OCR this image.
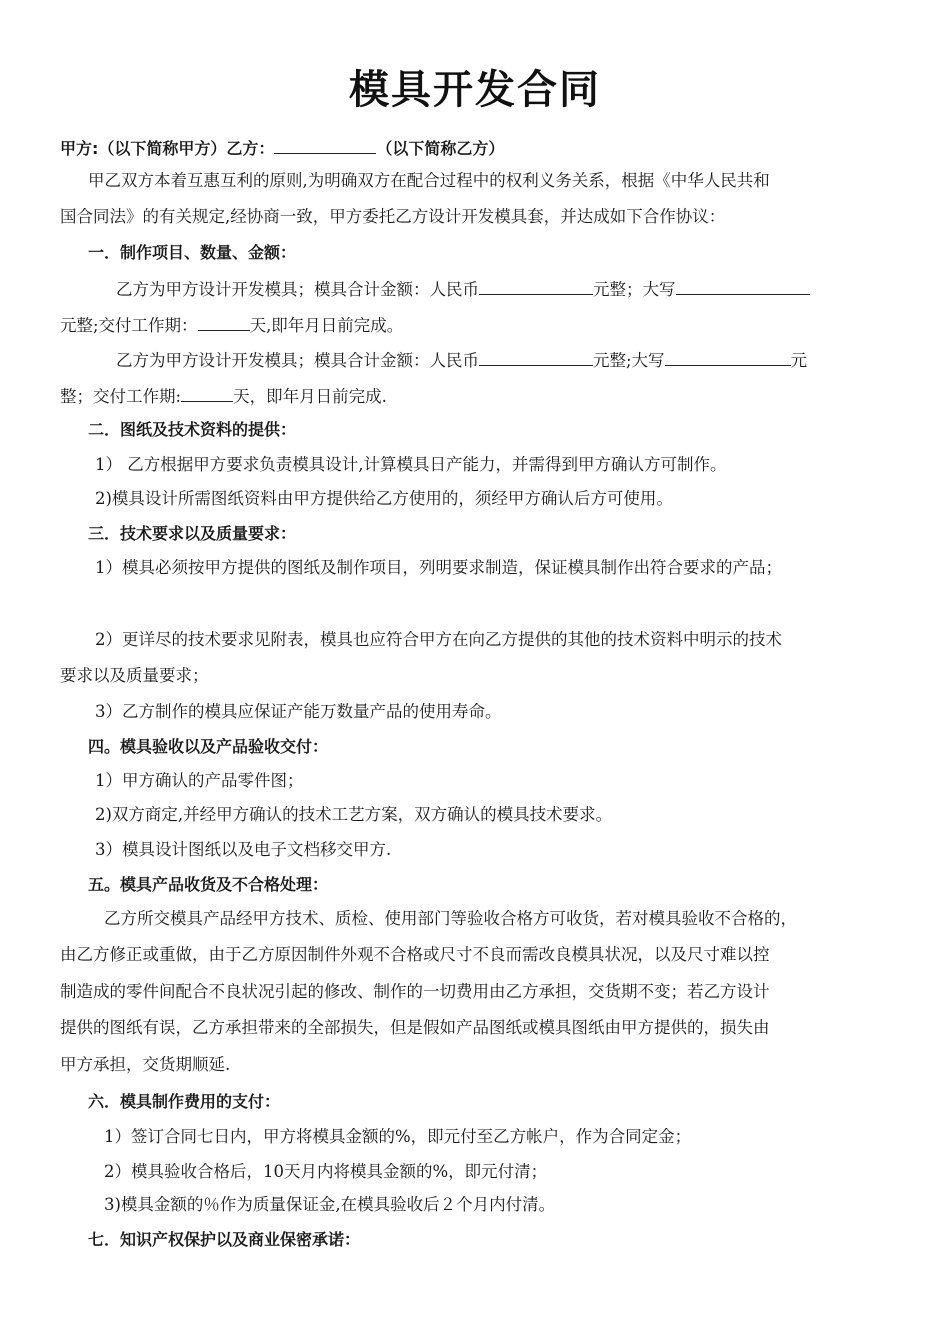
模具开发合同
甲方:（以下简称甲方）乙方：	（以下简称乙方）
甲乙双方本着互惠互利的原则,为明确双方在配合过程中的权利义务关系，根据《中华人民共和
国合同法》的有关规定,经协商一致，甲方委托乙方设计开发模具套，并达成如下合作协议：
一．制作项目、数量、金额：
乙方为甲方设计开发模具；模具合计金额：人民币	元整；大写
元整;交付工作期：	天,即年月日前完成。
乙方为甲方设计开发模具；模具合计金额：人民币	元整;大写	元
整；交付工作期:	天，即年月日前完成.
二．图纸及技术资料的提供：
1） 乙方根据甲方要求负责模具设计,计算模具日产能力，并需得到甲方确认方可制作。
2)模具设计所需图纸资料由甲方提供给乙方使用的，须经甲方确认后方可使用。
三．技术要求以及质量要求：
1）模具必须按甲方提供的图纸及制作项目，列明要求制造，保证模具制作出符合要求的产品；
2）更详尽的技术要求见附表，模具也应符合甲方在向乙方提供的其他的技术资料中明示的技术
要求以及质量要求；
3）乙方制作的模具应保证产能万数量产品的使用寿命。
四。模具验收以及产品验收交付：
1）甲方确认的产品零件图；
2)双方商定,并经甲方确认的技术工艺方案，双方确认的模具技术要求。
3）模具设计图纸以及电子文档移交甲方.
五。模具产品收货及不合格处理：
乙方所交模具产品经甲方技术、质检、使用部门等验收合格方可收货，若对模具验收不合格的，
由乙方修正或重做，由于乙方原因制件外观不合格或尺寸不良而需改良模具状况，以及尺寸难以控
制造成的零件间配合不良状况引起的修改、制作的一切费用由乙方承担，交货期不变；若乙方设计
提供的图纸有误，乙方承担带来的全部损失，但是假如产品图纸或模具图纸由甲方提供的，损失由
甲方承担，交货期顺延.
六．模具制作费用的支付：
1）签订合同七日内，甲方将模具金额的%，即元付至乙方帐户，作为合同定金；
2）模具验收合格后，10天月内将模具金额的%，即元付清；
3)模具金额的％作为质量保证金,在模具验收后２个月内付清。
七．知识产权保护以及商业保密承诺：
